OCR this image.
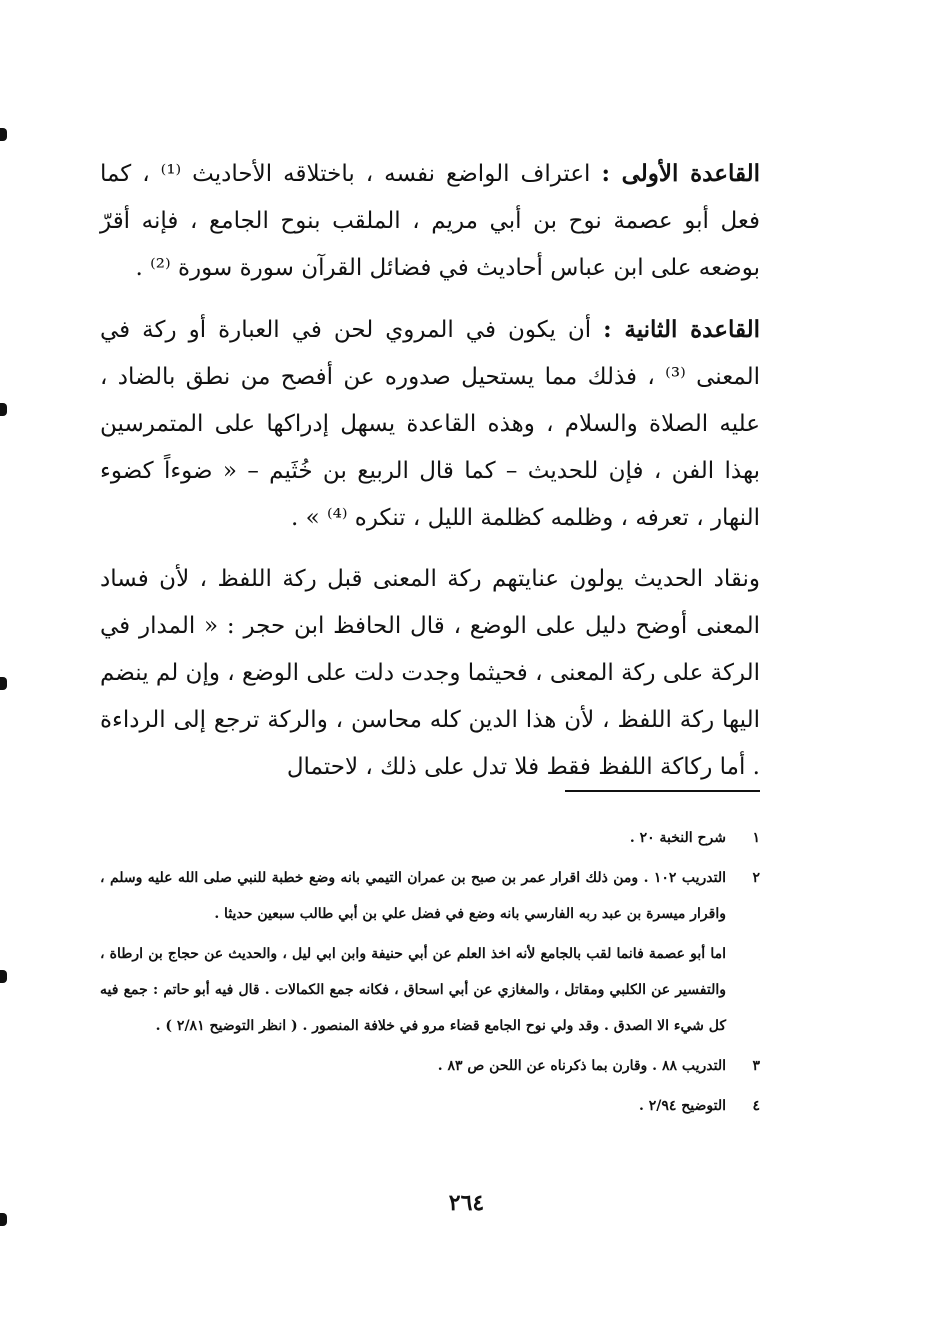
القاعدة الأولى : اعتراف الواضع نفسه ، باختلاقه الأحاديث ⁽¹⁾ ، كما فعل أبو عصمة نوح بن أبي مريم ، الملقب بنوح الجامع ، فإنه أقرّ بوضعه على ابن عباس أحاديث في فضائل القرآن سورة سورة ⁽²⁾ .

القاعدة الثانية : أن يكون في المروي لحن في العبارة أو ركة في المعنى ⁽³⁾ ، فذلك مما يستحيل صدوره عن أفصح من نطق بالضاد ، عليه الصلاة والسلام ، وهذه القاعدة يسهل إدراكها على المتمرسين بهذا الفن ، فإن للحديث – كما قال الربيع بن خُثَيم – « ضوءاً كضوء النهار ، تعرفه ، وظلمه كظلمة الليل ، تنكره ⁽⁴⁾ » .

ونقاد الحديث يولون عنايتهم ركة المعنى قبل ركة اللفظ ، لأن فساد المعنى أوضح دليل على الوضع ، قال الحافظ ابن حجر : « المدار في الركة على ركة المعنى ، فحيثما وجدت دلت على الوضع ، وإن لم ينضم اليها ركة اللفظ ، لأن هذا الدين كله محاسن ، والركة ترجع إلى الرداءة . أما ركاكة اللفظ فقط فلا تدل على ذلك ، لاحتمال

١
شرح النخبة ٢٠ .
٢
التدريب ١٠٢ . ومن ذلك اقرار عمر بن صبح بن عمران التيمي بانه وضع خطبة للنبي صلى الله عليه وسلم ، واقرار ميسرة بن عبد ربه الفارسي بانه وضع في فضل علي بن أبي طالب سبعين حديثا .
اما أبو عصمة فانما لقب بالجامع لأنه اخذ العلم عن أبي حنيفة وابن ابي ليل ، والحديث عن حجاج بن ارطاة ، والتفسير عن الكلبي ومقاتل ، والمغازي عن أبي اسحاق ، فكانه جمع الكمالات . قال فيه أبو حاتم : جمع فيه كل شيء الا الصدق . وقد ولي نوح الجامع قضاء مرو في خلافة المنصور . ( انظر التوضيح ٢/٨١ ) .
٣
التدريب ٨٨ . وقارن بما ذكرناه عن اللحن ص ٨٣ .
٤
التوضيح ٢/٩٤ .
٢٦٤
